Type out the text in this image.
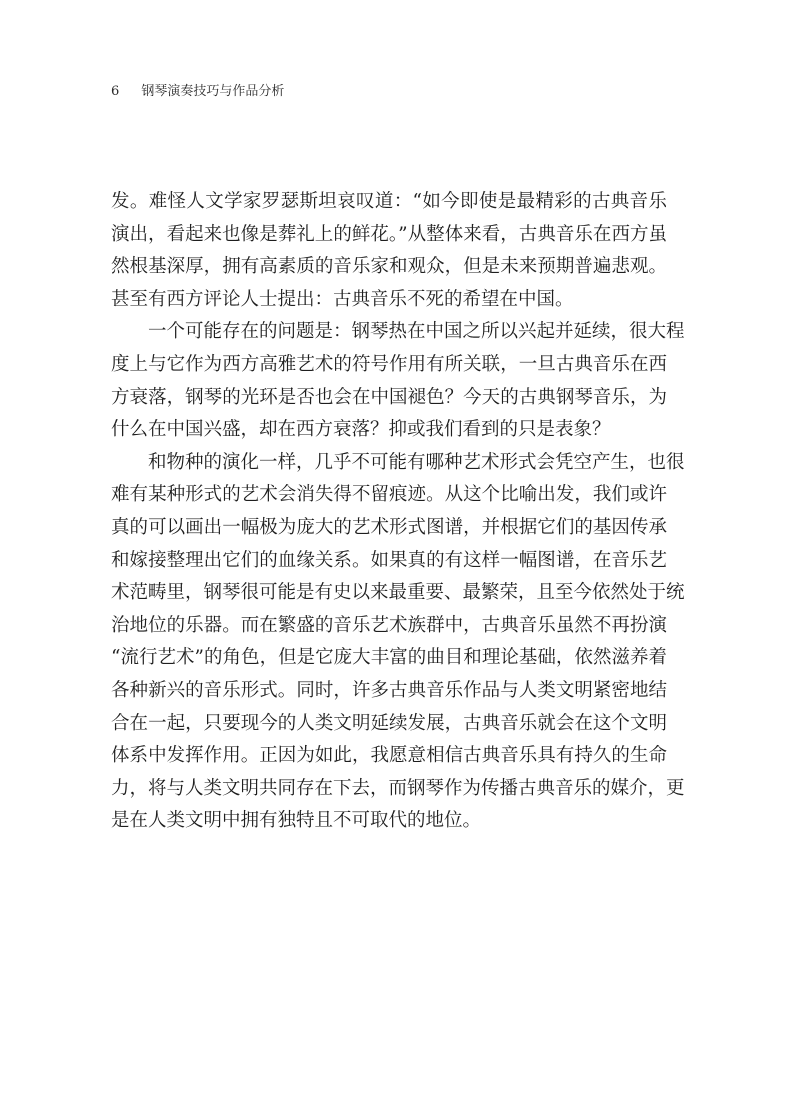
6 钢琴演奏技巧与作品分析
发。难怪人文学家罗瑟斯坦哀叹道：“如今即使是最精彩的古典音乐
演出，看起来也像是葬礼上的鲜花。”从整体来看，古典音乐在西方虽
然根基深厚，拥有高素质的音乐家和观众，但是未来预期普遍悲观。
甚至有西方评论人士提出：古典音乐不死的希望在中国。
一个可能存在的问题是：钢琴热在中国之所以兴起并延续，很大程
度上与它作为西方高雅艺术的符号作用有所关联，一旦古典音乐在西
方衰落，钢琴的光环是否也会在中国褪色？今天的古典钢琴音乐，为
什么在中国兴盛，却在西方衰落？抑或我们看到的只是表象？
和物种的演化一样，几乎不可能有哪种艺术形式会凭空产生，也很
难有某种形式的艺术会消失得不留痕迹。从这个比喻出发，我们或许
真的可以画出一幅极为庞大的艺术形式图谱，并根据它们的基因传承
和嫁接整理出它们的血缘关系。如果真的有这样一幅图谱，在音乐艺
术范畴里，钢琴很可能是有史以来最重要、最繁荣，且至今依然处于统
治地位的乐器。而在繁盛的音乐艺术族群中，古典音乐虽然不再扮演
“流行艺术”的角色，但是它庞大丰富的曲目和理论基础，依然滋养着
各种新兴的音乐形式。同时，许多古典音乐作品与人类文明紧密地结
合在一起，只要现今的人类文明延续发展，古典音乐就会在这个文明
体系中发挥作用。正因为如此，我愿意相信古典音乐具有持久的生命
力，将与人类文明共同存在下去，而钢琴作为传播古典音乐的媒介，更
是在人类文明中拥有独特且不可取代的地位。
